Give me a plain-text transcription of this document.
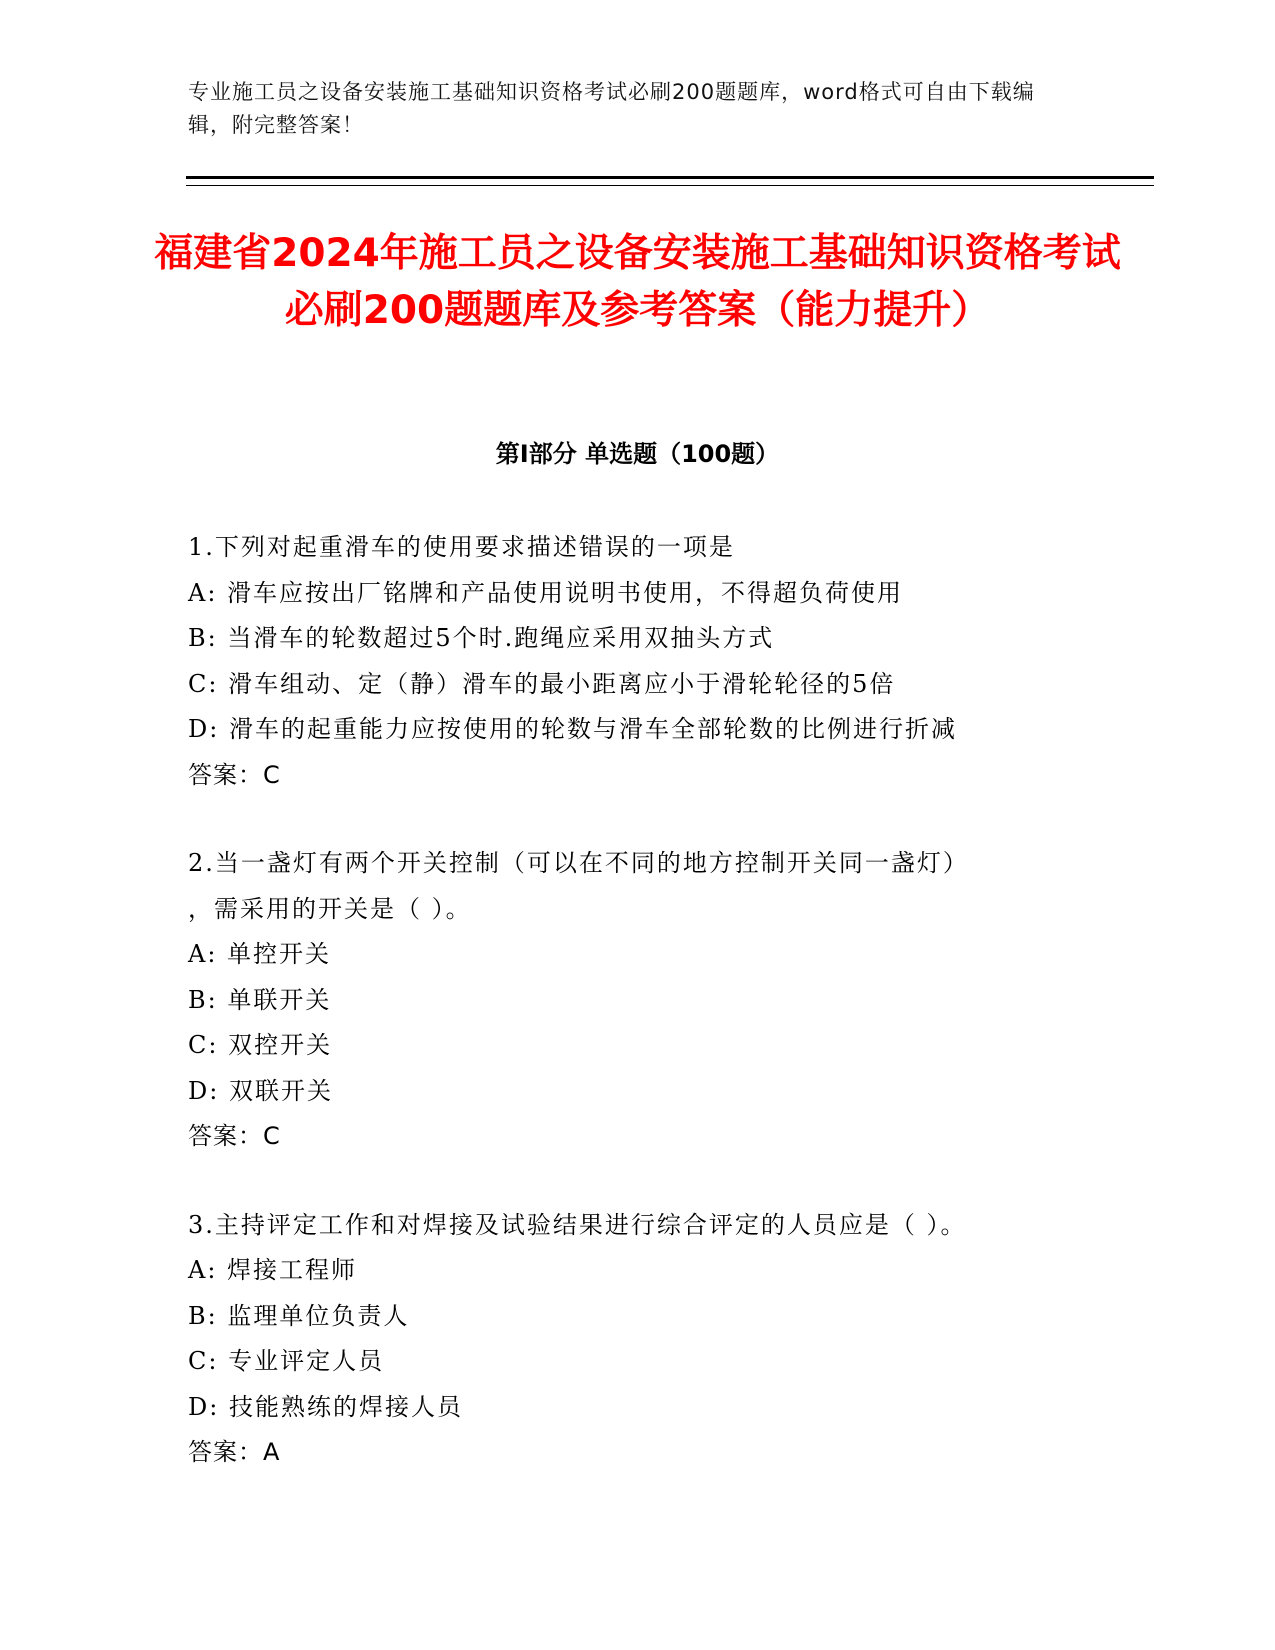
专业施工员之设备安装施工基础知识资格考试必刷200题题库，word格式可自由下载编辑，附完整答案！
福建省2024年施工员之设备安装施工基础知识资格考试必刷200题题库及参考答案（能力提升）
第Ⅰ部分 单选题（100题）
1.下列对起重滑车的使用要求描述错误的一项是
A: 滑车应按出厂铭牌和产品使用说明书使用，不得超负荷使用
B: 当滑车的轮数超过5个时.跑绳应采用双抽头方式
C: 滑车组动、定（静）滑车的最小距离应小于滑轮轮径的5倍
D: 滑车的起重能力应按使用的轮数与滑车全部轮数的比例进行折减
答案：C
2.当一盏灯有两个开关控制（可以在不同的地方控制开关同一盏灯）
，需采用的开关是（ ）。
A: 单控开关
B: 单联开关
C: 双控开关
D: 双联开关
答案：C
3.主持评定工作和对焊接及试验结果进行综合评定的人员应是（ ）。
A: 焊接工程师
B: 监理单位负责人
C: 专业评定人员
D: 技能熟练的焊接人员
答案：A
